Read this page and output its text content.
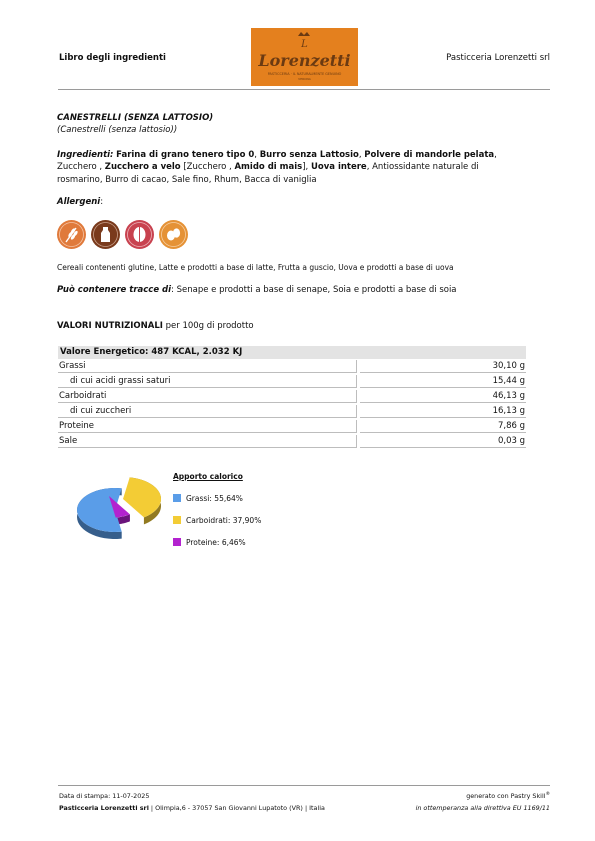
Libro degli ingredienti
L
Lorenzetti
PASTICCERIA · IL NATURALMENTE GENUINO
VERONA
Pasticceria Lorenzetti srl
CANESTRELLI (SENZA LATTOSIO)
(Canestrelli (senza lattosio))
Ingredienti: Farina di grano tenero tipo 0, Burro senza Lattosio, Polvere di mandorle pelata, Zucchero , Zucchero a velo [Zucchero , Amido di mais], Uova intere, Antiossidante naturale di rosmarino, Burro di cacao, Sale fino, Rhum, Bacca di vaniglia
Allergeni:
Cereali contenenti glutine, Latte e prodotti a base di latte, Frutta a guscio, Uova e prodotti a base di uova
Può contenere tracce di: Senape e prodotti a base di senape, Soia e prodotti a base di soia
VALORI NUTRIZIONALI per 100g di prodotto
Valore Energetico: 487 KCAL, 2.032 KJ
Grassi	30,10 g
di cui acidi grassi saturi	15,44 g
Carboidrati	46,13 g
di cui zuccheri	16,13 g
Proteine	7,86 g
Sale	0,03 g
Apporto calorico
Grassi: 55,64%
Carboidrati: 37,90%
Proteine: 6,46%
Data di stampa: 11-07-2025
Pasticceria Lorenzetti srl | Olimpia,6 - 37057 San Giovanni Lupatoto (VR) | Italia
generato con Pastry Skill®
in ottemperanza alla direttiva EU 1169/11
